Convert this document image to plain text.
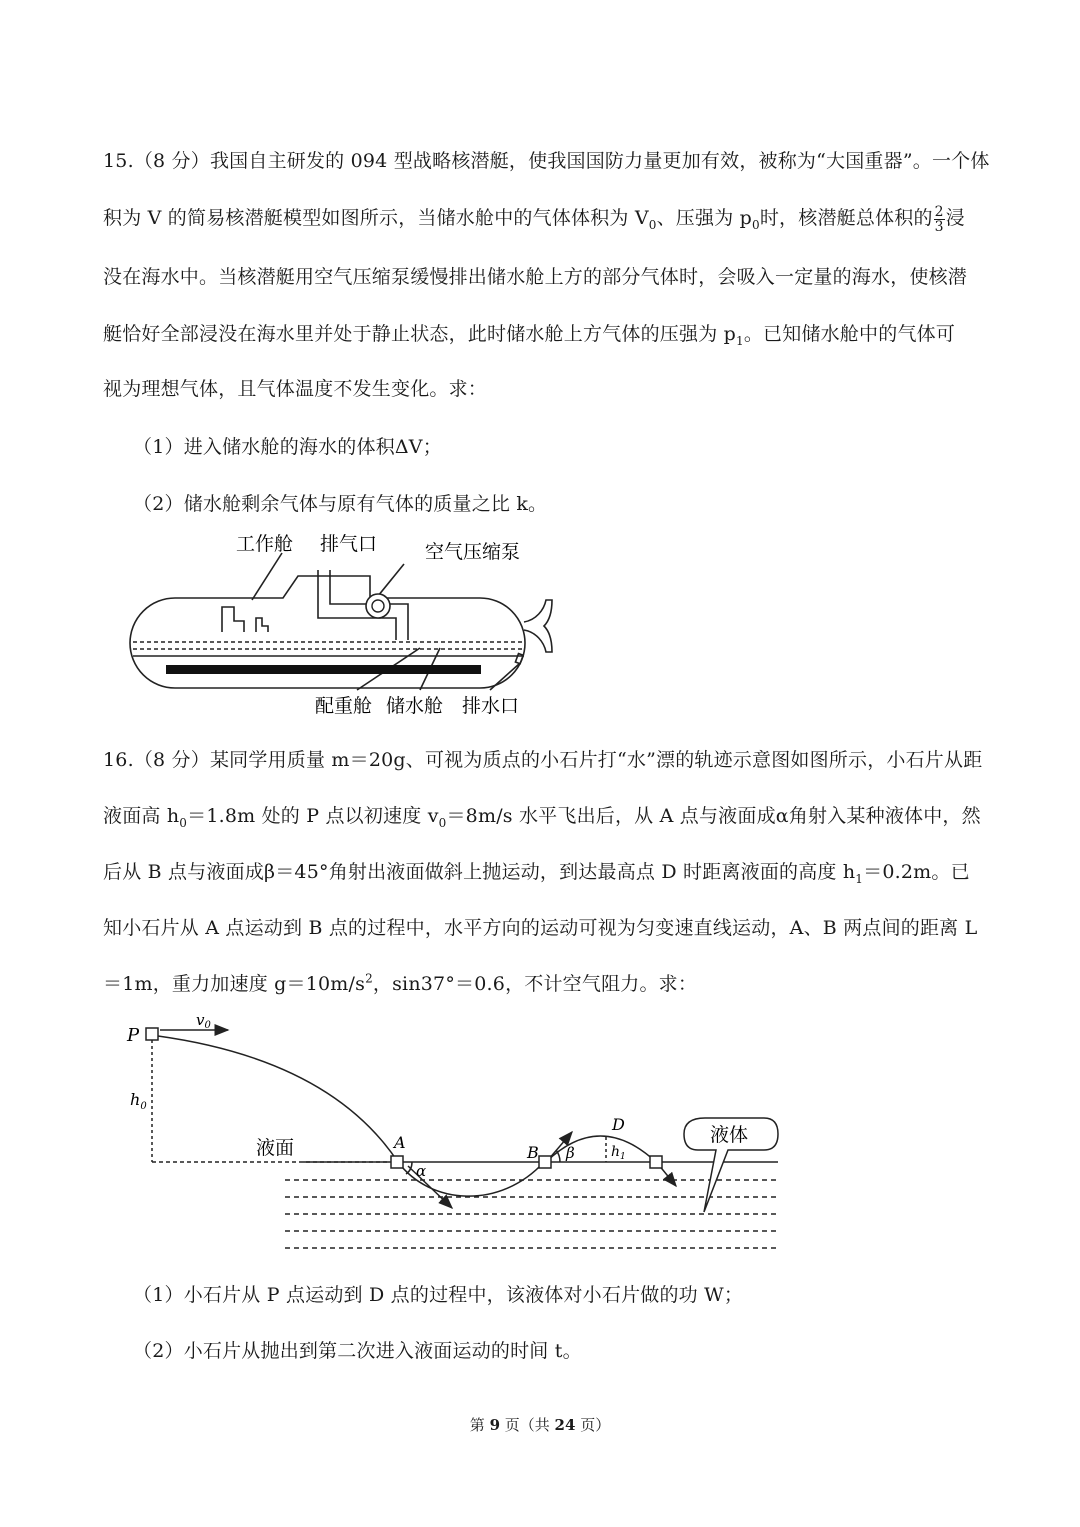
15.（8 分）我国自主研发的 094 型战略核潜艇，使我国国防力量更加有效，被称为“大国重器”。一个体
积为 V 的简易核潜艇模型如图所示，当储水舱中的气体体积为 $V_0$、压强为 $p_0$时，核潜艇总体积的 $\frac{2}{3}$ 浸
没在海水中。当核潜艇用空气压缩泵缓慢排出储水舱上方的部分气体时，会吸入一定量的海水，使核潜
艇恰好全部浸没在海水里并处于静止状态，此时储水舱上方气体的压强为 $p_1$。已知储水舱中的气体可
视为理想气体，且气体温度不发生变化。求：
（1）进入储水舱的海水的体积ΔV；
（2）储水舱剩余气体与原有气体的质量之比 k。
工作舱 排气口	空气压缩泵
配重舱 储水舱 排水口
16.（8 分）某同学用质量 m＝20g、可视为质点的小石片打“水”漂的轨迹示意图如图所示，小石片从距
液面高 $h_0=1.8m$ 处的 P 点以初速度 $v_0=8m/s$ 水平飞出后，从 A 点与液面成α角射入某种液体中，然
后从 B 点与液面成β＝45°角射出液面做斜上抛运动，到达最高点 D 时距离液面的高度 $h_1=0.2m$。已
知小石片从 A 点运动到 B 点的过程中，水平方向的运动可视为匀变速直线运动，A、B 两点间的距离 L
＝1m，重力加速度 $g=10m/s^2$，sin37°＝0.6，不计空气阻力。求：
P
$v_0$
$h_0$
液面	A
α
B β
D
$h_1$
液体
（1）小石片从 P 点运动到 D 点的过程中，该液体对小石片做的功 W；
（2）小石片从抛出到第二次进入液面运动的时间 t。
第 9 页（共 24 页）
